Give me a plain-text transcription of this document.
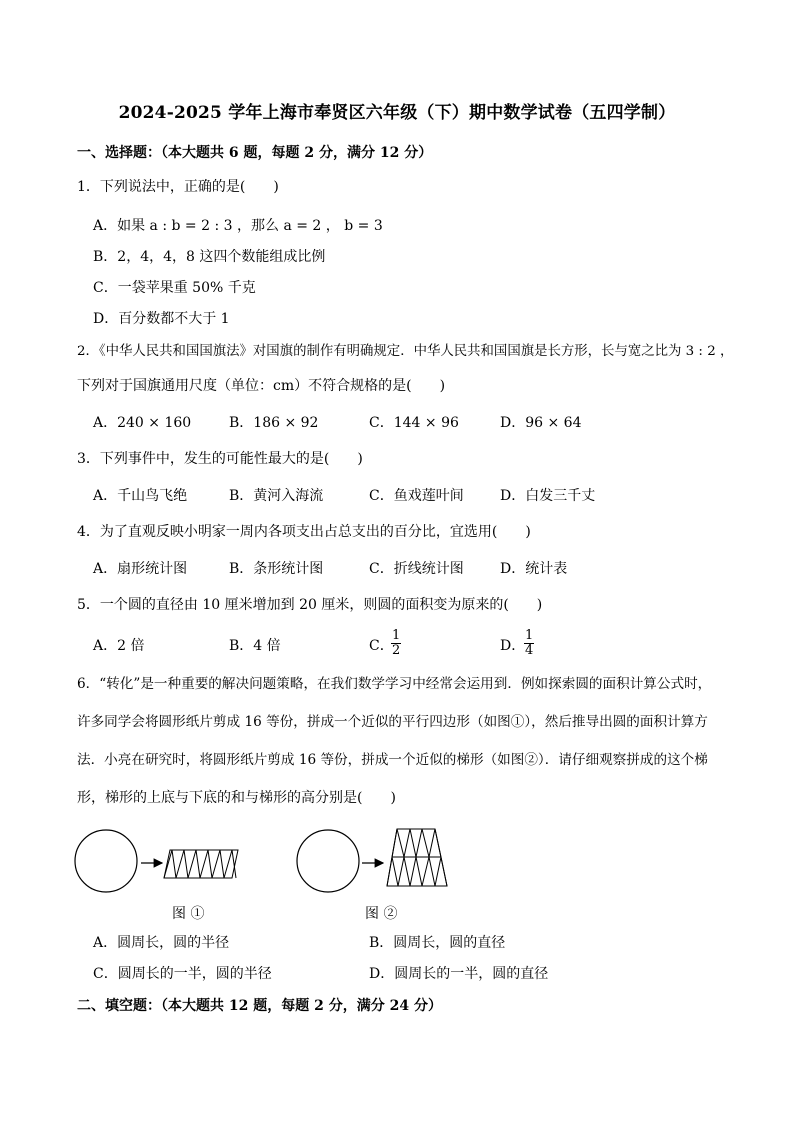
2024-2025 学年上海市奉贤区六年级（下）期中数学试卷（五四学制）
一、选择题：（本大题共 6 题，每题 2 分，满分 12 分）
1．下列说法中，正确的是(　　)
A．如果 a : b = 2 : 3 ，那么 a = 2 ， b = 3
B．2，4，4，8 这四个数能组成比例
C．一袋苹果重 50% 千克
D．百分数都不大于 1
2．《中华人民共和国国旗法》对国旗的制作有明确规定．中华人民共和国国旗是长方形，长与宽之比为 3 : 2 ，
下列对于国旗通用尺度（单位：cm）不符合规格的是(　　)
A．240 × 160	B．186 × 92	C．144 × 96	D．96 × 64
3．下列事件中，发生的可能性最大的是(　　)
A．千山鸟飞绝	B．黄河入海流	C．鱼戏莲叶间	D．白发三千丈
4．为了直观反映小明家一周内各项支出占总支出的百分比，宜选用(　　)
A．扇形统计图	B．条形统计图	C．折线统计图	D．统计表
5．一个圆的直径由 10 厘米增加到 20 厘米，则圆的面积变为原来的(　　)
A．2 倍	B．4 倍	C．
$\frac{1}{2}$	D．
$\frac{1}{4}$
6．“转化”是一种重要的解决问题策略，在我们数学学习中经常会运用到．例如探索圆的面积计算公式时，
许多同学会将圆形纸片剪成 16 等份，拼成一个近似的平行四边形（如图①），然后推导出圆的面积计算方
法．小亮在研究时，将圆形纸片剪成 16 等份，拼成一个近似的梯形（如图②）．请仔细观察拼成的这个梯
形，梯形的上底与下底的和与梯形的高分别是(　　)
图 ①	图 ②
A．圆周长，圆的半径	B．圆周长，圆的直径
C．圆周长的一半，圆的半径	D．圆周长的一半，圆的直径
二、填空题：（本大题共 12 题，每题 2 分，满分 24 分）
